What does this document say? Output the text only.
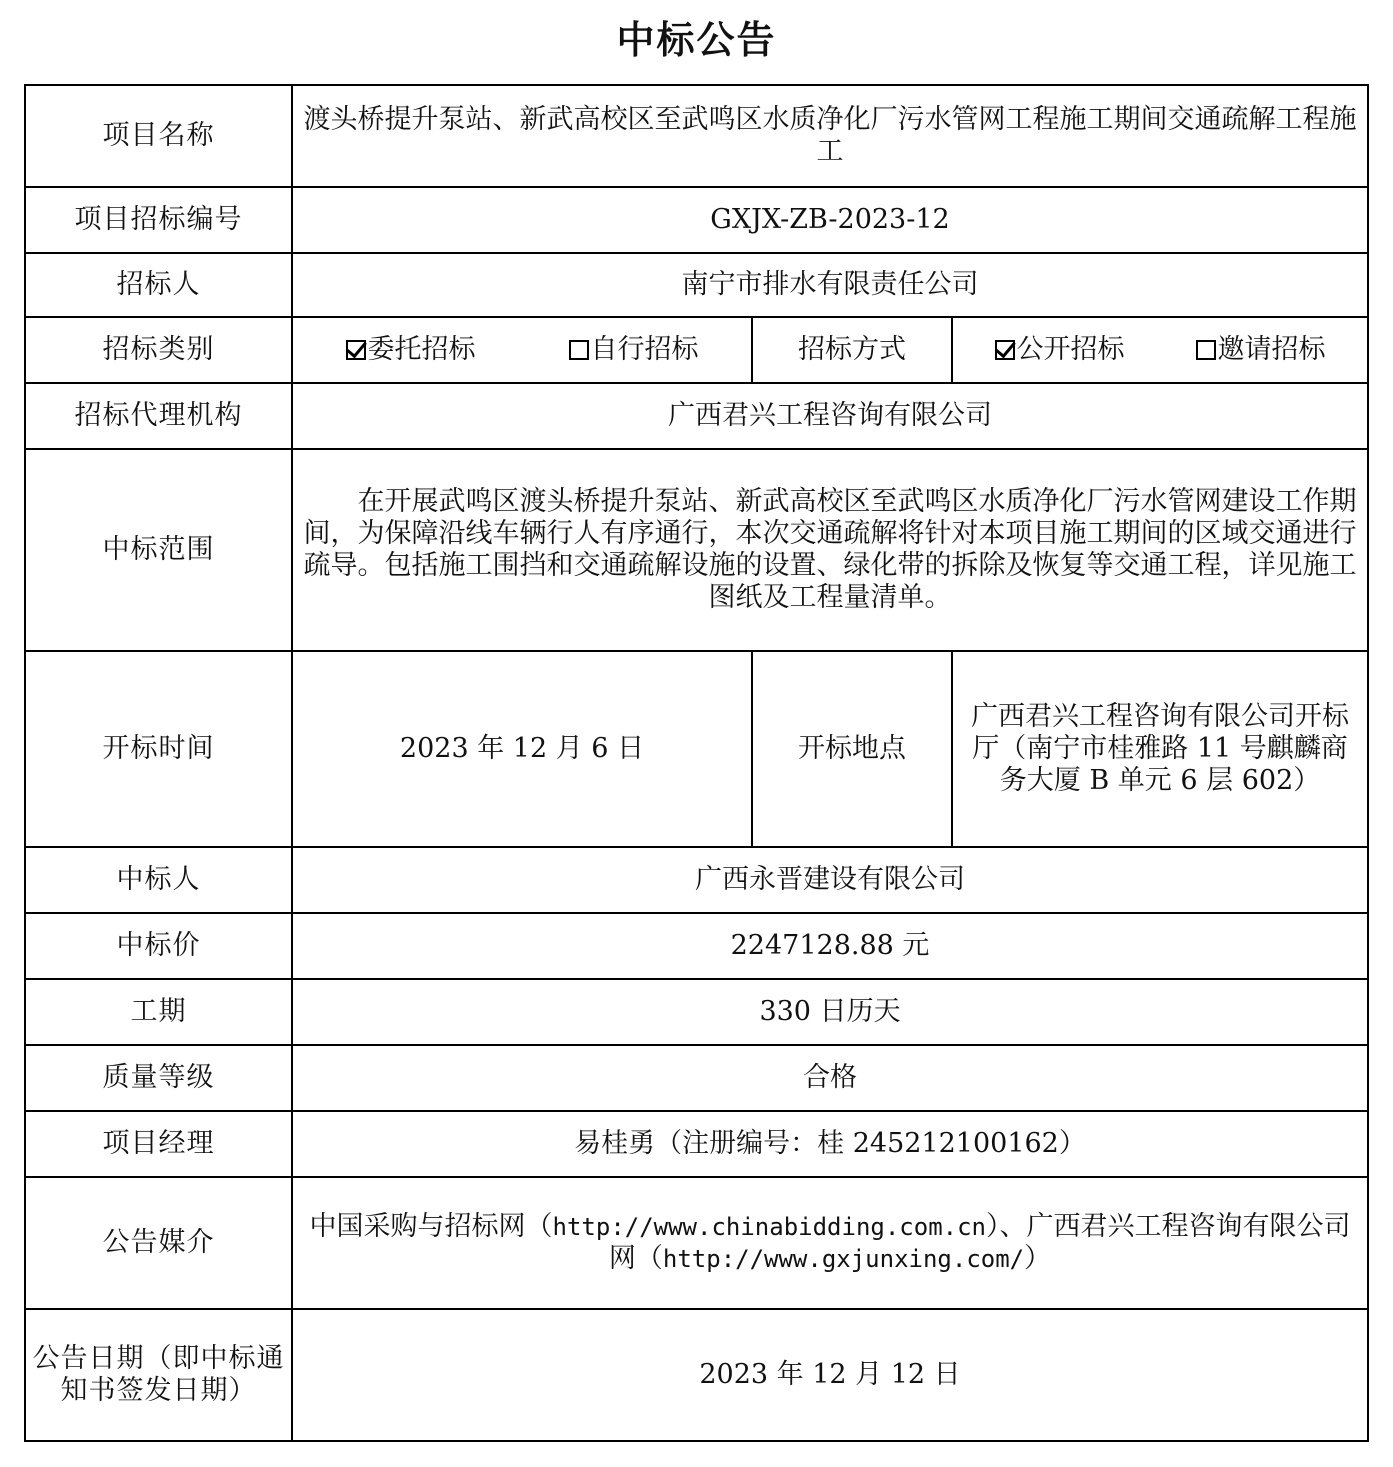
中标公告
项目名称	渡头桥提升泵站、新武高校区至武鸣区水质净化厂污水管网工程施工期间交通疏解工程施工		
项目招标编号	GXJX-ZB-2023-12		
招标人	南宁市排水有限责任公司		
招标类别	委托招标 自行招标	招标方式	公开招标 邀请招标

招标代理机构	广西君兴工程咨询有限公司		
中标范围	在开展武鸣区渡头桥提升泵站、新武高校区至武鸣区水质净化厂污水管网建设工作期间，为保障沿线车辆行人有序通行，本次交通疏解将针对本项目施工期间的区域交通进行疏导。包括施工围挡和交通疏解设施的设置、绿化带的拆除及恢复等交通工程，详见施工图纸及工程量清单。		
开标时间	2023 年 12 月 6 日	开标地点	广西君兴工程咨询有限公司开标厅（南宁市桂雅路 11 号麒麟商务大厦 B 单元 6 层 602）
中标人	广西永晋建设有限公司		
中标价	2247128.88 元		
工期	330 日历天		
质量等级	合格		
项目经理	易桂勇（注册编号：桂 245212100162）		
公告媒介	中国采购与招标网（http://www.chinabidding.com.cn）、广西君兴工程咨询有限公司网（http://www.gxjunxing.com/）		
公告日期（即中标通知书签发日期）	2023 年 12 月 12 日		
